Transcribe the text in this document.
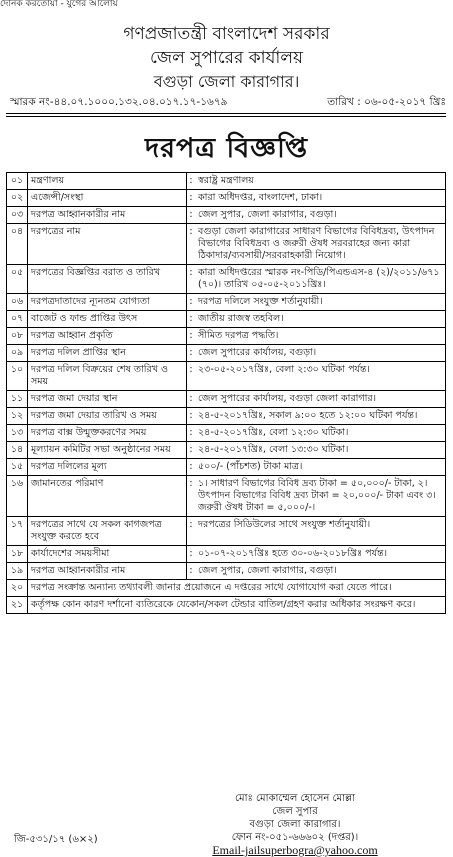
দৈনিক করতোয়া - যুগের আলোয়
গণপ্রজাতন্ত্রী বাংলাদেশ সরকার
জেল সুপারের কার্যালয়
বগুড়া জেলা কারাগার।
স্মারক নং-৪৪.০৭.১০০০.১৩২.০৪.০১৭.১৭-১৬৭৯	তারিখ : ০৬-০৫-২০১৭ খ্রিঃ
দরপত্র বিজ্ঞপ্তি
০১	মন্ত্রণালয়	:	স্বরাষ্ট্র মন্ত্রণালয়
০২	এজেন্সী/সংস্থা	:	কারা অধিদপ্তর, বাংলাদেশ, ঢাকা।
০৩	দরপত্র আহ্বানকারীর নাম	:	জেল সুপার, জেলা কারাগার, বগুড়া।
০৪	দরপত্রের নাম	:	বগুড়া জেলা কারাগারের সাধারণ বিভাগের বিবিধদ্রব্য, উৎপাদন বিভাগের বিবিধদ্রব্য ও জরুরী ঔষধ সরবরাহের জন্য কারা ঠিকাদার/ব্যবসায়ী/সরবরাহকারী নিয়োগ।
০৫	দরপত্রের বিজ্ঞপ্তির বরাত ও তারিখ	:	কারা অধিদপ্তরের স্মারক নং-পিডি/পিএন্ডএস-৪ (২)/২০১১/৬৭১ (৭০)। তারিখ ০৫-০৫-২০১১খ্রিঃ।
০৬	দরপত্রদাতাদের ন্যূনতম যোগ্যতা	:	দরপত্র দলিলে সংযুক্ত শর্তানুযায়ী।
০৭	বাজেট ও ফান্ড প্রাপ্তির উৎস	:	জাতীয় রাজস্ব তহবিল।
০৮	দরপত্র আহ্বান প্রকৃতি	:	সীমিত দরপত্র পদ্ধতি।
০৯	দরপত্র দলিল প্রাপ্তির স্থান	:	জেল সুপারের কার্যালয়, বগুড়া।
১০	দরপত্র দলিল বিক্রয়ের শেষ তারিখ ও সময়	:	২৩-০৫-২০১৭খ্রিঃ, বেলা ২:৩০ ঘটিকা পর্যন্ত।
১১	দরপত্র জমা দেয়ার স্থান	:	জেল সুপারের কার্যালয়, বগুড়া জেলা কারাগার।
১২	দরপত্র জমা দেয়ার তারিখ ও সময়	:	২৪-৫-২০১৭খ্রিঃ, সকাল ৯:০০ হতে ১২:০০ ঘটিকা পর্যন্ত।
১৩	দরপত্র বাক্স উন্মুক্তকরণের সময়	:	২৪-৫-২০১৭খ্রিঃ, বেলা ১২:৩০ ঘটিকা।
১৪	মূল্যায়ন কমিটির সভা অনুষ্ঠানের সময়	:	২৪-৫-২০১৭খ্রিঃ, বেলা ১৩:৩০ ঘটিকা।
১৫	দরপত্র দলিলের মূল্য	:	৫০০/- (পাঁচশত) টাকা মাত্র।
১৬	জামানতের পরিমাণ	:	১। সাধারণ বিভাগের বিবিধ দ্রব্য টাকা = ৫০,০০০/- টাকা, ২। উৎপাদন বিভাগের বিবিধ দ্রব্য টাকা = ২০,০০০/- টাকা এবং ৩। জরুরী ঔষধ টাকা = ৫,০০০/-।
১৭	দরপত্রের সাথে যে সকল কাগজপত্র সংযুক্ত করতে হবে	:	দরপত্রের সিডিউলের সাথে সংযুক্ত শর্তানুযায়ী।
১৮	কার্যাদেশের সময়সীমা	:	০১-০৭-২০১৭খ্রিঃ হতে ৩০-০৬-২০১৮খ্রিঃ পর্যন্ত।
১৯	দরপত্র আহ্বানকারীর নাম	:	জেল সুপার, জেলা কারাগার, বগুড়া।
২০	দরপত্র সংক্রান্ত অন্যান্য তথ্যাবলী জানার প্রয়োজনে এ দপ্তরের সাথে যোগাযোগ করা যেতে পারে।		
২১	কর্তৃপক্ষ কোন কারণ দর্শানো ব্যতিরেকে যেকোন/সকল টেন্ডার বাতিল/গ্রহণ করার অধিকার সংরক্ষণ করে।		
মোঃ মোকাম্মেল হোসেন মোল্লা
জেল সুপার
বগুড়া জেলা কারাগার।
ফোন নং-০৫১-৬৬৬০২ (দপ্তর)।
Email-jailsuperbogra@yahoo.com
জি-৫৩১/১৭ (৬×২)
